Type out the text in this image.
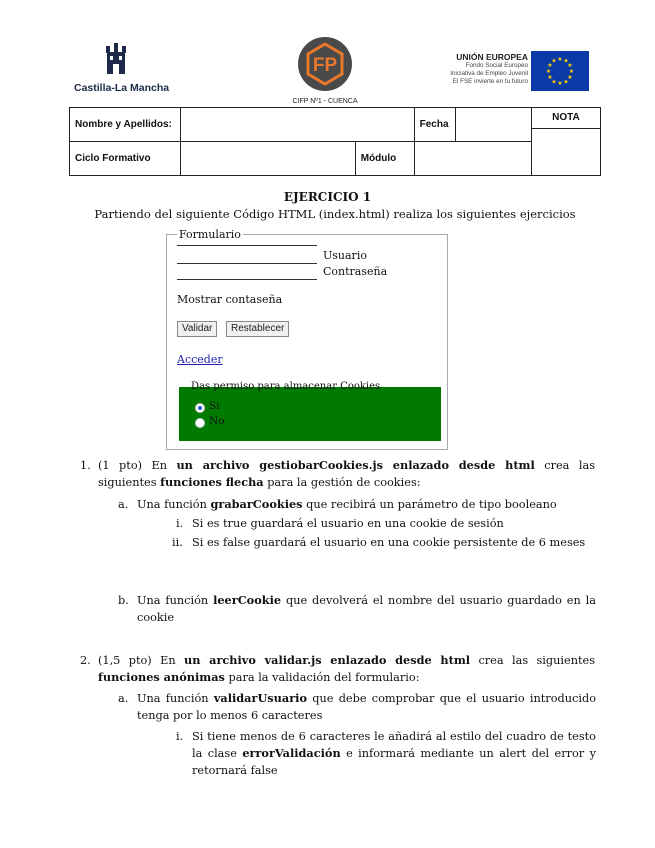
Castilla-La Mancha
FP
CIFP Nº1 - CUENCA
UNIÓN EUROPEA
Fondo Social Europeo
Iniciativa de Empleo Juvenil
El FSE invierte en tu futuro
★ ★
★
★
★
★
★
★
★
★
★
★
Nombre y Apellidos:			Fecha		NOTA

Ciclo Formativo		Módulo			
EJERCICIO 1
Partiendo del siguiente Código HTML (index.html) realiza los siguientes ejercicios
Formulario
Usuario
Contraseña
Mostrar contaseña
Validar	Restablecer
Acceder
Das permiso para almacenar Cookies
Si
No
1. (1 pto) En un archivo gestiobarCookies.js enlazado desde html crea las siguientes funciones flecha para la gestión de cookies:
a. Una función grabarCookies que recibirá un parámetro de tipo booleano
i. Si es true guardará el usuario en una cookie de sesión
ii. Si es false guardará el usuario en una cookie persistente de 6 meses
b. Una función leerCookie que devolverá el nombre del usuario guardado en la cookie
2. (1,5 pto) En un archivo validar.js enlazado desde html crea las siguientes funciones anónimas para la validación del formulario:
a. Una función validarUsuario que debe comprobar que el usuario introducido tenga por lo menos 6 caracteres
i. Si tiene menos de 6 caracteres le añadirá al estilo del cuadro de testo la clase errorValidación e informará mediante un alert del error y retornará false
